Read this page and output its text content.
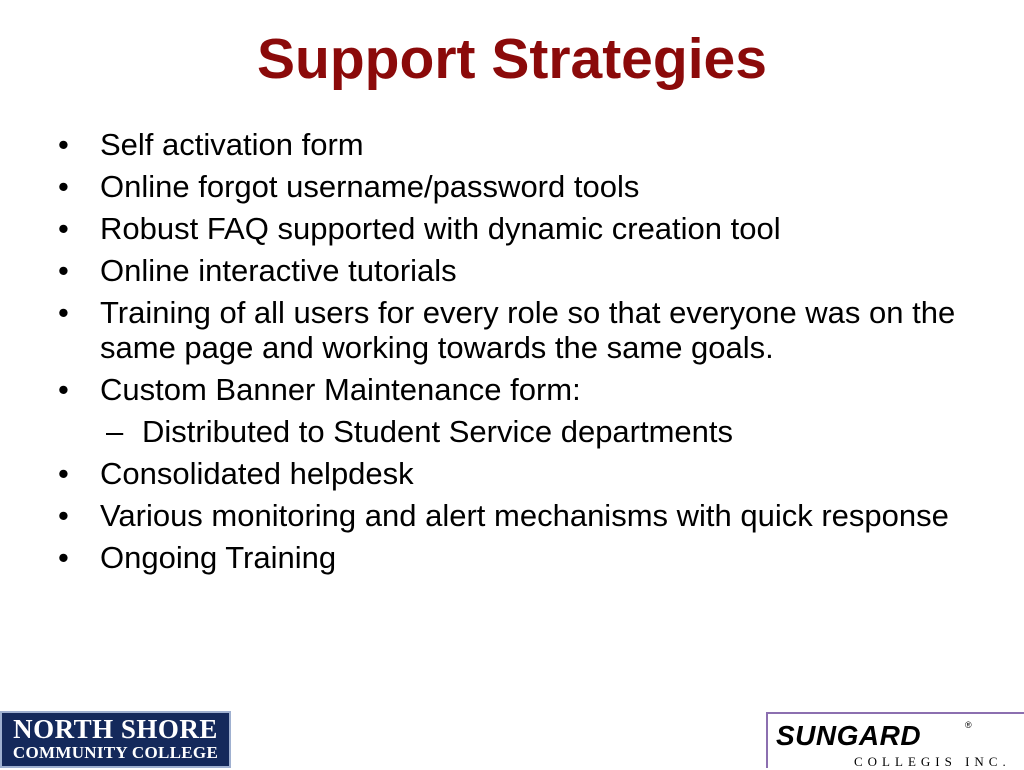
Support Strategies
•	Self activation form
•	Online forgot username/password tools
•	Robust FAQ supported with dynamic creation tool
•	Online interactive tutorials
•	Training of all users for every role so that everyone was on the same page and working towards the same goals.
•	Custom Banner Maintenance form:
– Distributed to Student Service departments
•	Consolidated helpdesk
•	Various monitoring and alert mechanisms with quick response
•	Ongoing Training
NORTH SHORE
COMMUNITY COLLEGE
SUNGARD	®
COLLEGIS INC.
